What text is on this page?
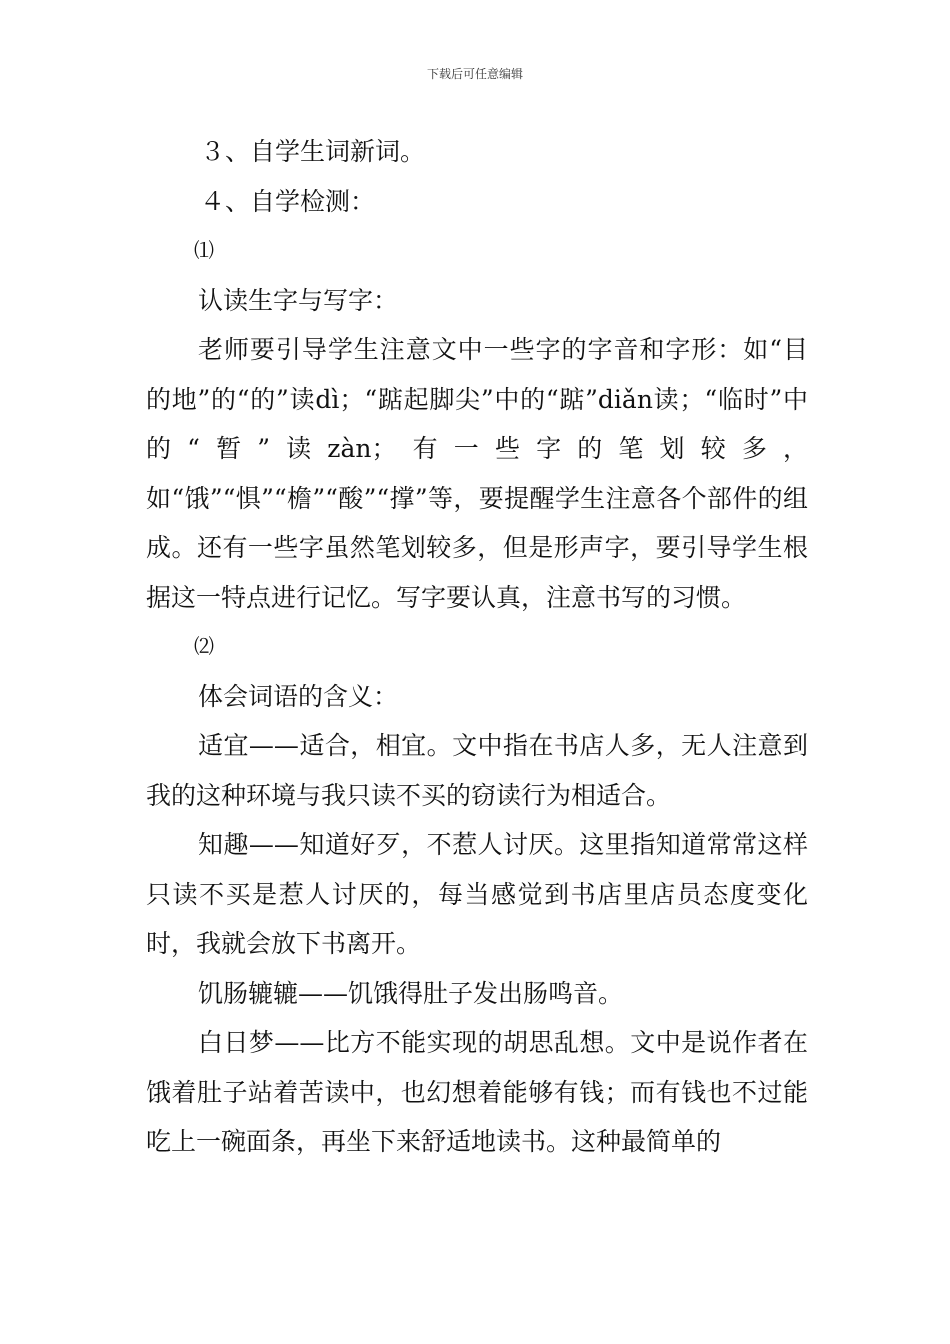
下载后可任意编辑

３、自学生词新词。

４、自学检测：

⑴

认读生字与写字：

老师要引导学生注意文中一些字的字音和字形：如“目的地”的“的”读dì；“踮起脚尖”中的“踮”diǎn读；“临时”中的“暂”读zàn；有一些字的笔划较多，如“饿”“惧”“檐”“酸”“撑”等，要提醒学生注意各个部件的组成。还有一些字虽然笔划较多，但是形声字，要引导学生根据这一特点进行记忆。写字要认真，注意书写的习惯。

⑵

体会词语的含义：

适宜——适合，相宜。文中指在书店人多，无人注意到我的这种环境与我只读不买的窃读行为相适合。

知趣——知道好歹，不惹人讨厌。这里指知道常常这样只读不买是惹人讨厌的，每当感觉到书店里店员态度变化时，我就会放下书离开。

饥肠辘辘——饥饿得肚子发出肠鸣音。

白日梦——比方不能实现的胡思乱想。文中是说作者在饿着肚子站着苦读中，也幻想着能够有钱；而有钱也不过能吃上一碗面条，再坐下来舒适地读书。这种最简单的
